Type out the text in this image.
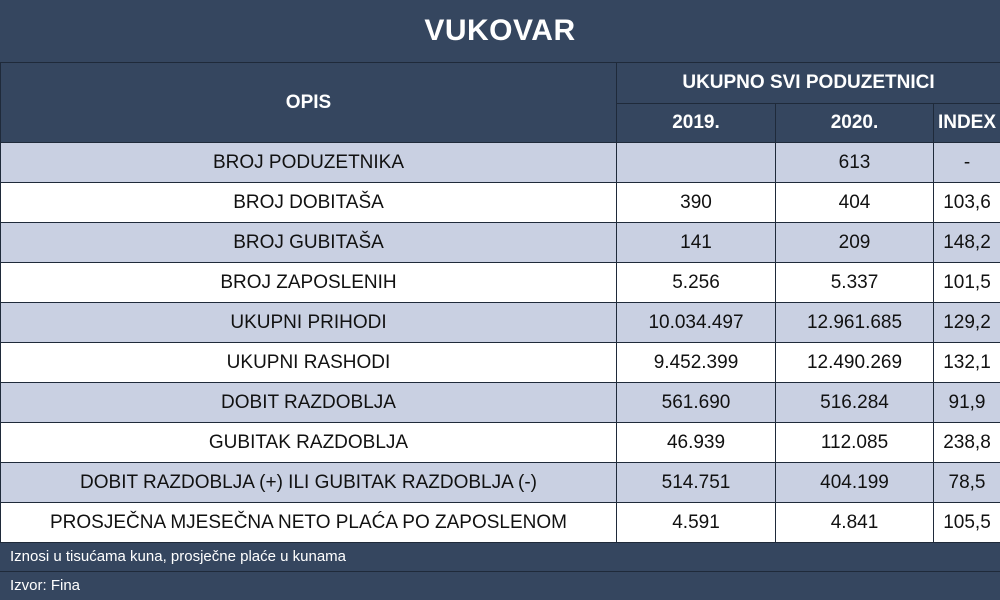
VUKOVAR
OPIS	UKUPNO SVI PODUZETNICI		
	2019.	2020.	INDEX
BROJ PODUZETNIKA		613	-
BROJ DOBITAŠA	390	404	103,6
BROJ GUBITAŠA	141	209	148,2
BROJ ZAPOSLENIH	5.256	5.337	101,5
UKUPNI PRIHODI	10.034.497	12.961.685	129,2
UKUPNI RASHODI	9.452.399	12.490.269	132,1
DOBIT RAZDOBLJA	561.690	516.284	91,9
GUBITAK RAZDOBLJA	46.939	112.085	238,8
DOBIT RAZDOBLJA (+) ILI GUBITAK RAZDOBLJA (-)	514.751	404.199	78,5
PROSJEČNA MJESEČNA NETO PLAĆA PO ZAPOSLENOM	4.591	4.841	105,5
Iznosi u tisućama kuna, prosječne plaće u kunama
Izvor: Fina
